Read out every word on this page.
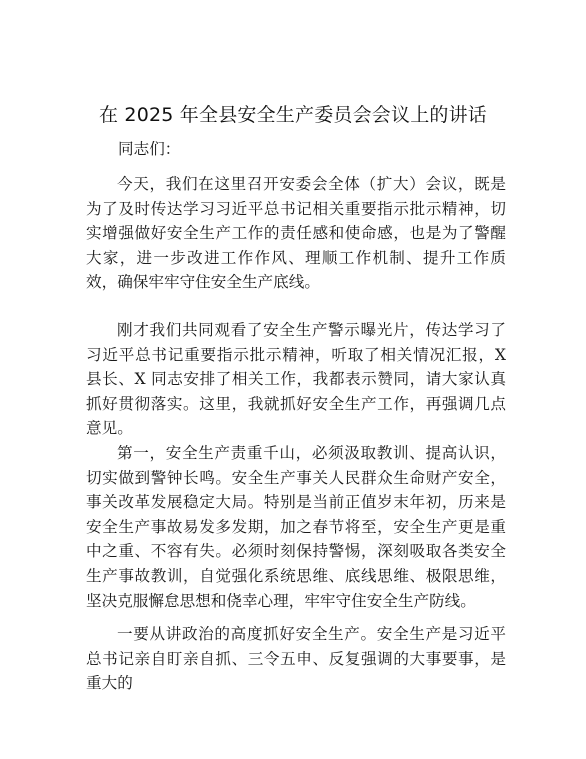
在 2025 年全县安全生产委员会会议上的讲话
同志们：

今天，我们在这里召开安委会全体（扩大）会议，既是为了及时传达学习习近平总书记相关重要指示批示精神，切实增强做好安全生产工作的责任感和使命感，也是为了警醒大家，进一步改进工作作风、理顺工作机制、提升工作质效，确保牢牢守住安全生产底线。

刚才我们共同观看了安全生产警示曝光片，传达学习了习近平总书记重要指示批示精神，听取了相关情况汇报，X 县长、X 同志安排了相关工作，我都表示赞同，请大家认真抓好贯彻落实。这里，我就抓好安全生产工作，再强调几点意见。

第一，安全生产责重千山，必须汲取教训、提高认识，切实做到警钟长鸣。安全生产事关人民群众生命财产安全，事关改革发展稳定大局。特别是当前正值岁末年初，历来是安全生产事故易发多发期，加之春节将至，安全生产更是重中之重、不容有失。必须时刻保持警惕，深刻吸取各类安全生产事故教训，自觉强化系统思维、底线思维、极限思维，坚决克服懈怠思想和侥幸心理，牢牢守住安全生产防线。

一要从讲政治的高度抓好安全生产。安全生产是习近平总书记亲自盯亲自抓、三令五申、反复强调的大事要事，是重大的
